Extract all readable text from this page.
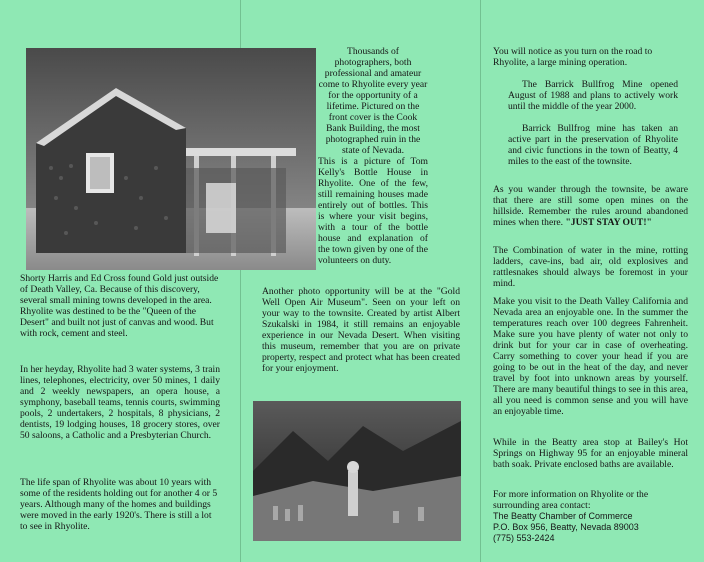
Shorty Harris and Ed Cross found Gold just outside of Death Valley, Ca. Because of this discovery, several small mining towns developed in the area. Rhyolite was destined to be the "Queen of the Desert" and built not just of canvas and wood. But with rock, cement and steel.
In her heyday, Rhyolite had 3 water systems, 3 train lines, telephones, electricity, over 50 mines, 1 daily and 2 weekly newspapers, an opera house, a symphony, baseball teams, tennis courts, swimming pools, 2 undertakers, 2 hospitals, 8 physicians, 2 dentists, 19 lodging houses, 18 grocery stores, over 50 saloons, a Catholic and a Presbyterian Church.
The life span of Rhyolite was about 10 years with some of the residents holding out for another 4 or 5 years. Although many of the homes and buildings were moved in the early 1920's. There is still a lot to see in Rhyolite.
Thousands of photographers, both professional and amateur come to Rhyolite every year for the opportunity of a lifetime. Pictured on the front cover is the Cook Bank Building, the most photographed ruin in the state of Nevada.
This is a picture of Tom Kelly's Bottle House in Rhyolite. One of the few, still remaining houses made entirely out of bottles. This is where your visit begins, with a tour of the bottle house and explanation of the town given by one of the volunteers on duty.
Another photo opportunity will be at the "Gold Well Open Air Museum". Seen on your left on your way to the townsite. Created by artist Albert Szukalski in 1984, it still remains an enjoyable experience in our Nevada Desert. When visiting this museum, remember that you are on private property, respect and protect what has been created for your enjoyment.
You will notice as you turn on the road to Rhyolite, a large mining operation.
The Barrick Bullfrog Mine opened August of 1988 and plans to actively work until the middle of the year 2000.
Barrick Bullfrog mine has taken an active part in the preservation of Rhyolite and civic functions in the town of Beatty, 4 miles to the east of the townsite.
As you wander through the townsite, be aware that there are still some open mines on the hillside. Remember the rules around abandoned mines when there. "JUST STAY OUT!"
The Combination of water in the mine, rotting ladders, cave-ins, bad air, old explosives and rattlesnakes should always be foremost in your mind.
Make you visit to the Death Valley California and Nevada area an enjoyable one. In the summer the temperatures reach over 100 degrees Fahrenheit. Make sure you have plenty of water not only to drink but for your car in case of overheating. Carry something to cover your head if you are going to be out in the heat of the day, and never travel by foot into unknown areas by yourself. There are many beautiful things to see in this area, all you need is common sense and you will have an enjoyable time.
While in the Beatty area stop at Bailey's Hot Springs on Highway 95 for an enjoyable mineral bath soak. Private enclosed baths are available.
For more information on Rhyolite or the surrounding area contact:
The Beatty Chamber of Commerce
P.O. Box 956, Beatty, Nevada 89003
(775) 553-2424
